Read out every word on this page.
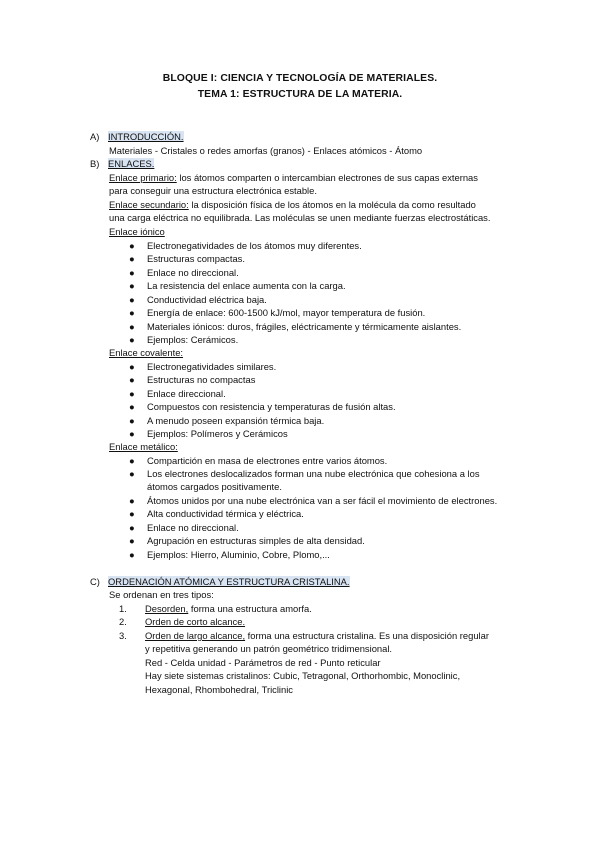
BLOQUE I: CIENCIA Y TECNOLOGÍA DE MATERIALES.
TEMA 1: ESTRUCTURA DE LA MATERIA.
A) INTRODUCCIÓN.
Materiales - Cristales o redes amorfas (granos) - Enlaces atómicos - Átomo
B) ENLACES.
Enlace primario: los átomos comparten o intercambian electrones de sus capas externas
para conseguir una estructura electrónica estable.
Enlace secundario: la disposición física de los átomos en la molécula da como resultado
una carga eléctrica no equilibrada. Las moléculas se unen mediante fuerzas electrostáticas.
Enlace iónico
● Electronegatividades de los átomos muy diferentes.
● Estructuras compactas.
● Enlace no direccional.
● La resistencia del enlace aumenta con la carga.
● Conductividad eléctrica baja.
● Energía de enlace: 600-1500 kJ/mol, mayor temperatura de fusión.
● Materiales iónicos: duros, frágiles, eléctricamente y térmicamente aislantes.
● Ejemplos: Cerámicos.
Enlace covalente:
● Electronegatividades similares.
● Estructuras no compactas
● Enlace direccional.
● Compuestos con resistencia y temperaturas de fusión altas.
● A menudo poseen expansión térmica baja.
● Ejemplos: Polímeros y Cerámicos
Enlace metálico:
● Compartición en masa de electrones entre varios átomos.
● Los electrones deslocalizados forman una nube electrónica que cohesiona a los
átomos cargados positivamente.
● Átomos unidos por una nube electrónica van a ser fácil el movimiento de electrones.
● Alta conductividad térmica y eléctrica.
● Enlace no direccional.
● Agrupación en estructuras simples de alta densidad.
● Ejemplos: Hierro, Aluminio, Cobre, Plomo,...
C) ORDENACIÓN ATÓMICA Y ESTRUCTURA CRISTALINA.
Se ordenan en tres tipos:
1. Desorden, forma una estructura amorfa.
2. Orden de corto alcance.
3. Orden de largo alcance, forma una estructura cristalina. Es una disposición regular
y repetitiva generando un patrón geométrico tridimensional.
Red - Celda unidad - Parámetros de red - Punto reticular
Hay siete sistemas cristalinos: Cubic, Tetragonal, Orthorhombic, Monoclinic,
Hexagonal, Rhombohedral, Triclinic
